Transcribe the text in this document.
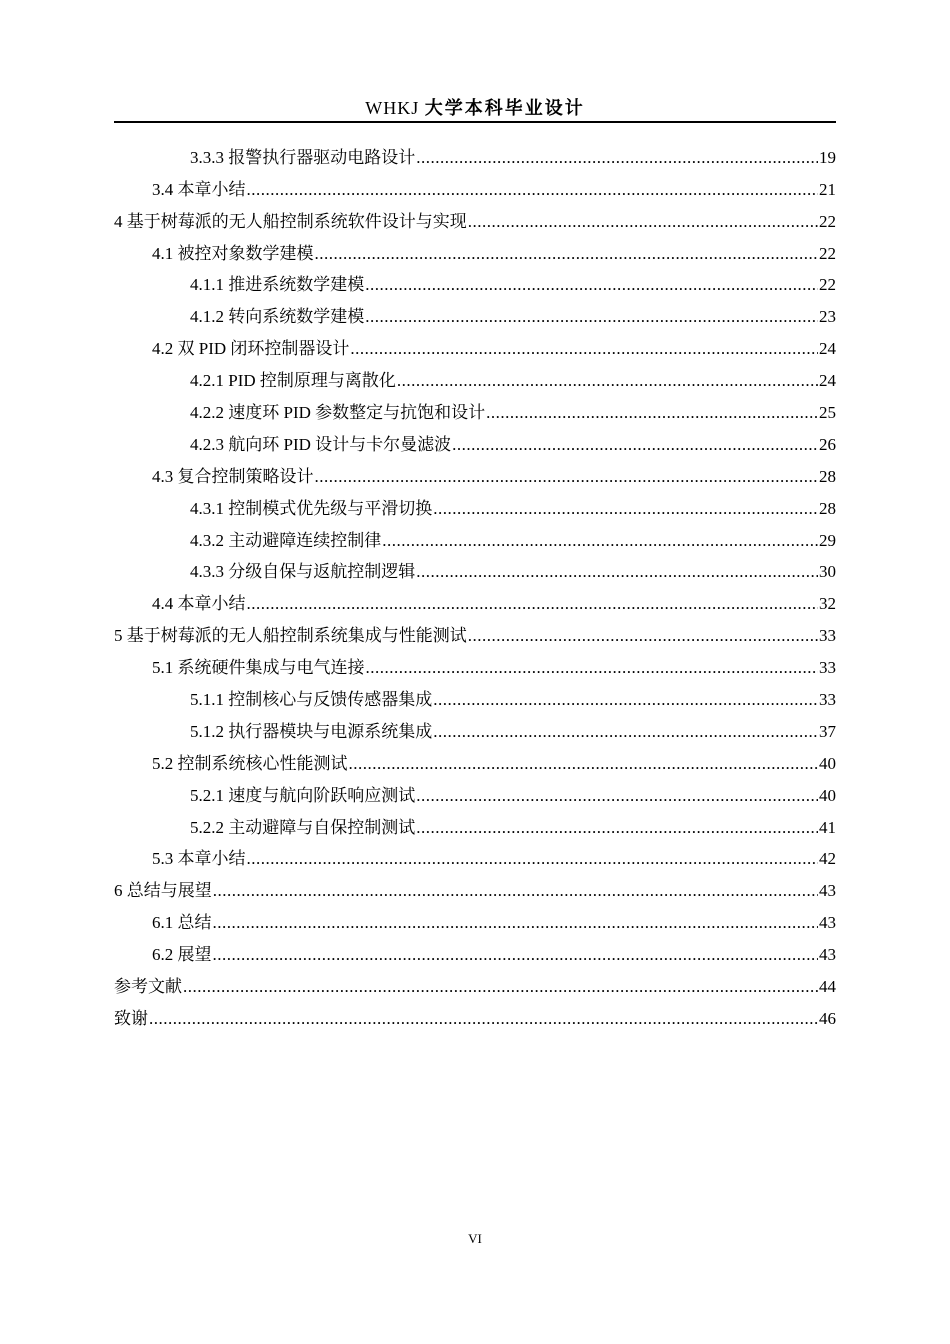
WHKJ 大学本科毕业设计
3.3.3 报警执行器驱动电路设计 .....	19
3.4 本章小结 .....	21
4 基于树莓派的无人船控制系统软件设计与实现 .....	22
4.1 被控对象数学建模 .....	22
4.1.1 推进系统数学建模 .....	22
4.1.2 转向系统数学建模 .....	23
4.2 双 PID 闭环控制器设计 .....	24
4.2.1 PID 控制原理与离散化 .....	24
4.2.2 速度环 PID 参数整定与抗饱和设计 .....	25
4.2.3 航向环 PID 设计与卡尔曼滤波 .....	26
4.3 复合控制策略设计 .....	28
4.3.1 控制模式优先级与平滑切换 .....	28
4.3.2 主动避障连续控制律 .....	29
4.3.3 分级自保与返航控制逻辑 .....	30
4.4 本章小结 .....	32
5 基于树莓派的无人船控制系统集成与性能测试 .....	33
5.1 系统硬件集成与电气连接 .....	33
5.1.1 控制核心与反馈传感器集成 .....	33
5.1.2 执行器模块与电源系统集成 .....	37
5.2 控制系统核心性能测试 .....	40
5.2.1 速度与航向阶跃响应测试 .....	40
5.2.2 主动避障与自保控制测试 .....	41
5.3 本章小结 .....	42
6 总结与展望 .....	43
6.1 总结 .....	43
6.2 展望 .....	43
参考文献 .....	44
致谢 .....	46
VI
